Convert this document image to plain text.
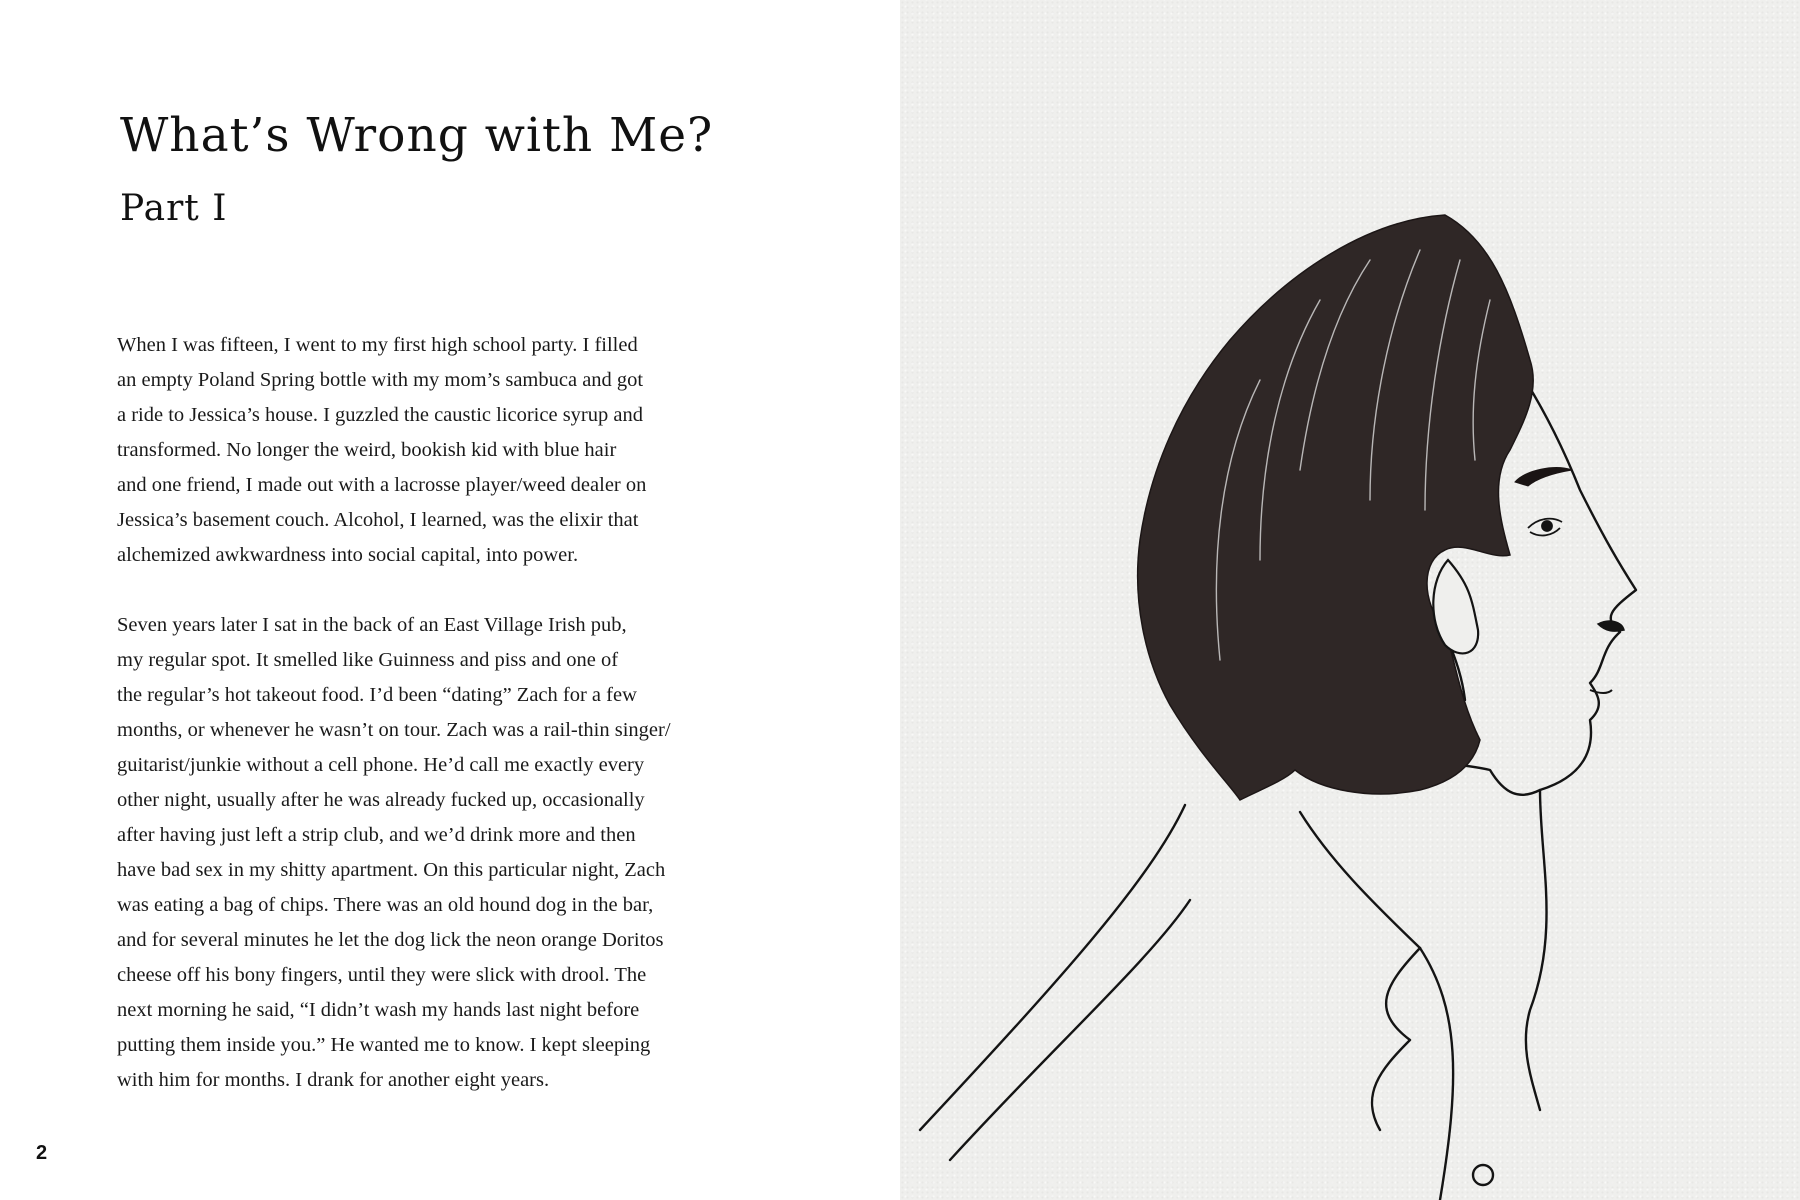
What’s Wrong with Me?
Part I

When I was fifteen, I went to my first high school party. I filled
an empty Poland Spring bottle with my mom’s sambuca and got
a ride to Jessica’s house. I guzzled the caustic licorice syrup and
transformed. No longer the weird, bookish kid with blue hair
and one friend, I made out with a lacrosse player/weed dealer on
Jessica’s basement couch. Alcohol, I learned, was the elixir that
alchemized awkwardness into social capital, into power.

Seven years later I sat in the back of an East Village Irish pub,
my regular spot. It smelled like Guinness and piss and one of
the regular’s hot takeout food. I’d been “dating” Zach for a few
months, or whenever he wasn’t on tour. Zach was a rail-thin singer/
guitarist/junkie without a cell phone. He’d call me exactly every
other night, usually after he was already fucked up, occasionally
after having just left a strip club, and we’d drink more and then
have bad sex in my shitty apartment. On this particular night, Zach
was eating a bag of chips. There was an old hound dog in the bar,
and for several minutes he let the dog lick the neon orange Doritos
cheese off his bony fingers, until they were slick with drool. The
next morning he said, “I didn’t wash my hands last night before
putting them inside you.” He wanted me to know. I kept sleeping
with him for months. I drank for another eight years.

2
